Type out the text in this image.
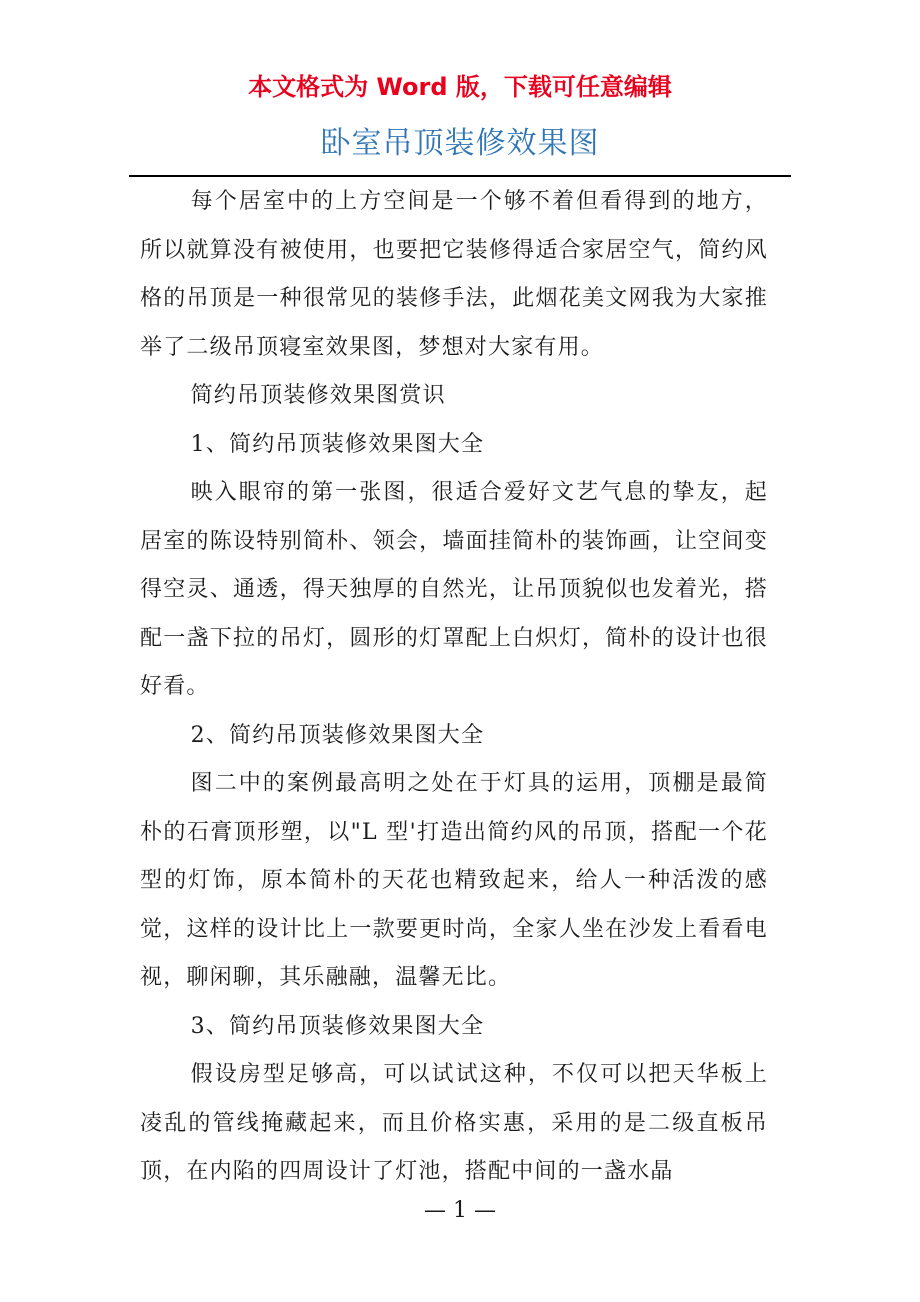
本文格式为 Word 版，下载可任意编辑
卧室吊顶装修效果图

每个居室中的上方空间是一个够不着但看得到的地方，所以就算没有被使用，也要把它装修得适合家居空气，简约风格的吊顶是一种很常见的装修手法，此烟花美文网我为大家推举了二级吊顶寝室效果图，梦想对大家有用。

简约吊顶装修效果图赏识

1、简约吊顶装修效果图大全

映入眼帘的第一张图，很适合爱好文艺气息的挚友，起居室的陈设特别简朴、领会，墙面挂简朴的装饰画，让空间变得空灵、通透，得天独厚的自然光，让吊顶貌似也发着光，搭配一盏下拉的吊灯，圆形的灯罩配上白炽灯，简朴的设计也很好看。

2、简约吊顶装修效果图大全

图二中的案例最高明之处在于灯具的运用，顶棚是最简朴的石膏顶形塑，以"L 型'打造出简约风的吊顶，搭配一个花型的灯饰，原本简朴的天花也精致起来，给人一种活泼的感觉，这样的设计比上一款要更时尚，全家人坐在沙发上看看电视，聊闲聊，其乐融融，温馨无比。

3、简约吊顶装修效果图大全

假设房型足够高，可以试试这种，不仅可以把天华板上凌乱的管线掩藏起来，而且价格实惠，采用的是二级直板吊顶，在内陷的四周设计了灯池，搭配中间的一盏水晶

— 1 —
